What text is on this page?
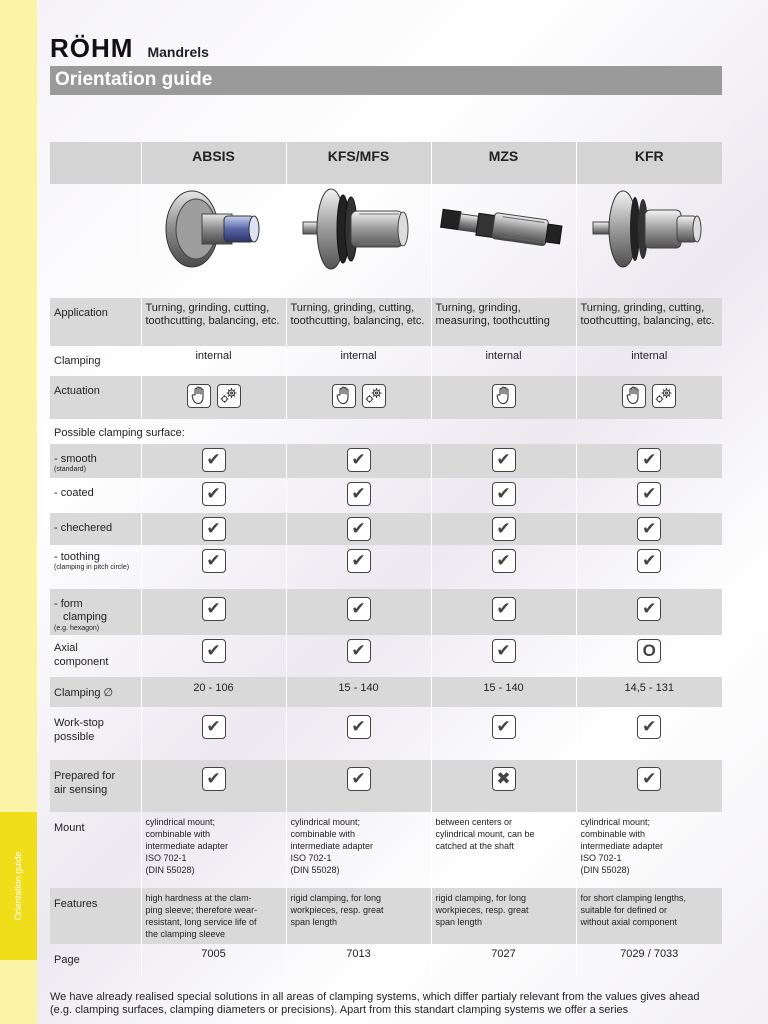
Orientation guide
RÖHM Mandrels
Orientation guide
	ABSIS	KFS/MFS	MZS	KFR

Application	Turning, grinding, cutting, toothcutting, balancing, etc.	Turning, grinding, cutting, toothcutting, balancing, etc.	Turning, grinding, measuring, toothcutting	Turning, grinding, cutting, toothcutting, balancing, etc.
Clamping	internal	internal	internal	internal
Actuation	

Possible clamping surface:				
- smooth
(standard)	✔	✔	✔	✔
- coated	✔	✔	✔	✔
- chechered	✔	✔	✔	✔
- toothing
(clamping in pitch circle)	✔	✔	✔	✔
- form
clamping
(e.g. hexagon)	✔	✔	✔	✔
Axial
component	✔	✔	✔	O
Clamping ∅	20 - 106	15 - 140	15 - 140	14,5 - 131
Work-stop
possible	✔	✔	✔	✔
Prepared for
air sensing	✔	✔	✖	✔
Mount	cylindrical mount;
combinable with
intermediate adapter
ISO 702-1
(DIN 55028)	cylindrical mount;
combinable with
intermediate adapter
ISO 702-1
(DIN 55028)	between centers or
cylindrical mount, can be
catched at the shaft	cylindrical mount;
combinable with
intermediate adapter
ISO 702-1
(DIN 55028)
Features	high hardness at the clam-
ping sleeve; therefore wear-
resistant, long service life of
the clamping sleeve	rigid clamping, for long
workpieces, resp. great
span length	rigid clamping, for long
workpieces, resp. great
span length	for short clamping lengths,
suitable for defined or
without axial component
Page	7005	7013	7027	7029 / 7033
We have already realised special solutions in all areas of clamping systems, which differ partialy relevant from the values gives ahead (e.g. clamping surfaces, clamping diameters or precisions). Apart from this standart clamping systems we offer a series
